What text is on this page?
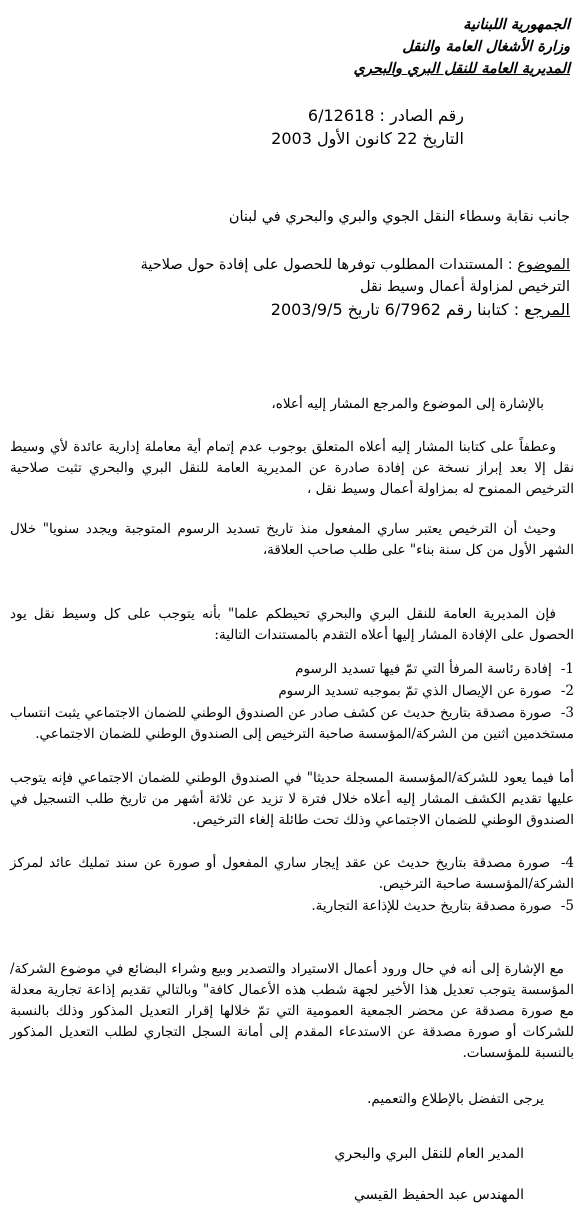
الجمهورية اللبنانية
وزارة الأشغال العامة والنقل
المديرية العامة للنقل البري والبحري
رقم الصادر : 6/12618
التاريخ 22 كانون الأول 2003
جانب نقابة وسطاء النقل الجوي والبري والبحري في لبنان
الموضوع : المستندات المطلوب توفرها للحصول على إفادة حول صلاحية
الترخيص لمزاولة أعمال وسيط نقل
المرجع : كتابنا رقم 6/7962 تاريخ 2003/9/5
بالإشارة إلى الموضوع والمرجع المشار إليه أعلاه،
وعطفاً على كتابنا المشار إليه أعلاه المتعلق بوجوب عدم إتمام أية معاملة إدارية عائدة لأي وسيط نقل إلا بعد إبراز نسخة عن إفادة صادرة عن المديرية العامة للنقل البري والبحري تثبت صلاحية الترخيص الممنوح له بمزاولة أعمال وسيط نقل ،
وحيث أن الترخيص يعتبر ساري المفعول منذ تاريخ تسديد الرسوم المتوجبة ويجدد سنويا" خلال الشهر الأول من كل سنة بناء" على طلب صاحب العلاقة،
فإن المديرية العامة للنقل البري والبحري تحيطكم علما" بأنه يتوجب على كل وسيط نقل يود الحصول على الإفادة المشار إليها أعلاه التقدم بالمستندات التالية:
1- إفادة رئاسة المرفأ التي تمّ فيها تسديد الرسوم
2- صورة عن الإيصال الذي تمّ بموجبه تسديد الرسوم
3- صورة مصدقة بتاريخ حديث عن كشف صادر عن الصندوق الوطني للضمان الاجتماعي يثبت انتساب مستخدمين اثنين من الشركة/المؤسسة صاحبة الترخيص إلى الصندوق الوطني للضمان الاجتماعي.
أما فيما يعود للشركة/المؤسسة المسجلة حديثا" في الصندوق الوطني للضمان الاجتماعي فإنه يتوجب عليها تقديم الكشف المشار إليه أعلاه خلال فترة لا تزيد عن ثلاثة أشهر من تاريخ طلب التسجيل في الصندوق الوطني للضمان الاجتماعي وذلك تحت طائلة إلغاء الترخيص.
4- صورة مصدقة بتاريخ حديث عن عقد إيجار ساري المفعول أو صورة عن سند تمليك عائد لمركز الشركة/المؤسسة صاحبة الترخيص.
5- صورة مصدقة بتاريخ حديث للإذاعة التجارية.
مع الإشارة إلى أنه في حال ورود أعمال الاستيراد والتصدير وبيع وشراء البضائع في موضوع الشركة/المؤسسة يتوجب تعديل هذا الأخير لجهة شطب هذه الأعمال كافة" وبالتالي تقديم إذاعة تجارية معدلة مع صورة مصدقة عن محضر الجمعية العمومية التي تمّ خلالها إقرار التعديل المذكور وذلك بالنسبة للشركات أو صورة مصدقة عن الاستدعاء المقدم إلى أمانة السجل التجاري لطلب التعديل المذكور بالنسبة للمؤسسات.
يرجى التفضل بالإطلاع والتعميم.
المدير العام للنقل البري والبحري
المهندس عبد الحفيظ القيسي
